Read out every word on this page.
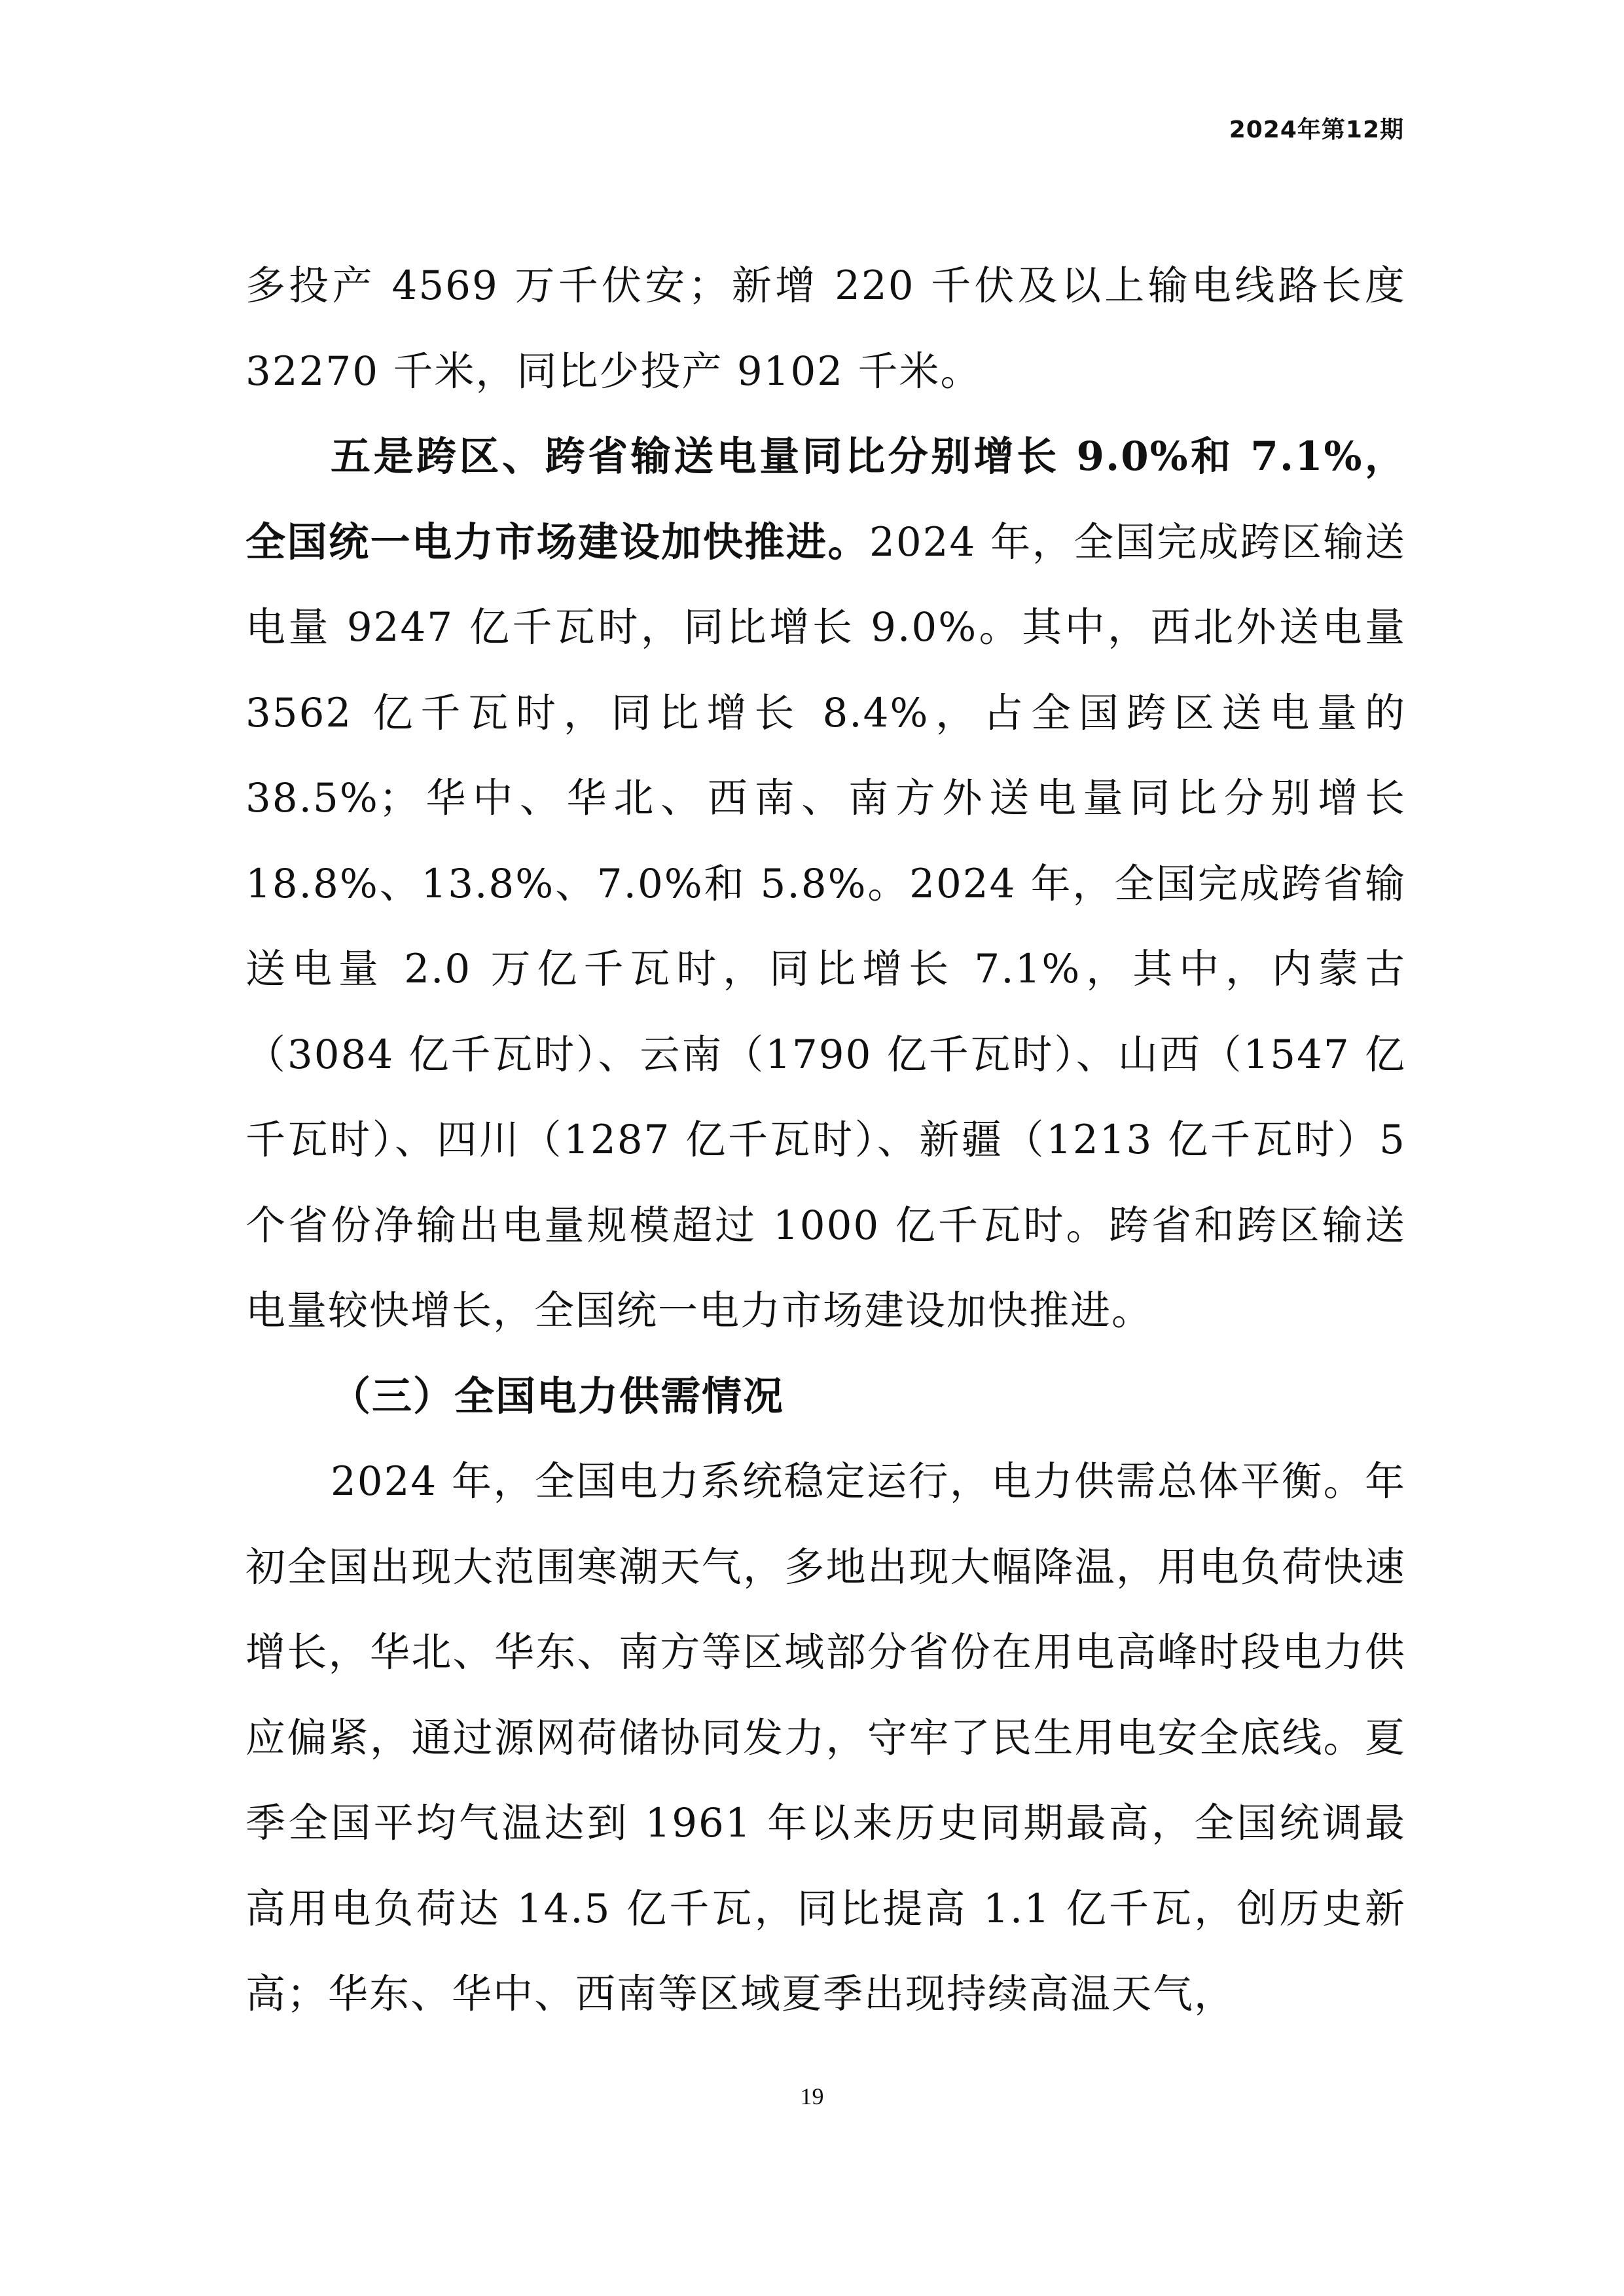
2024年第12期

多投产 4569 万千伏安；新增 220 千伏及以上输电线路长度 32270 千米，同比少投产 9102 千米。

五是跨区、跨省输送电量同比分别增长 9.0%和 7.1%，全国统一电力市场建设加快推进。2024 年，全国完成跨区输送电量 9247 亿千瓦时，同比增长 9.0%。其中，西北外送电量 3562 亿千瓦时，同比增长 8.4%，占全国跨区送电量的 38.5%；华中、华北、西南、南方外送电量同比分别增长 18.8%、13.8%、7.0%和 5.8%。2024 年，全国完成跨省输送电量 2.0 万亿千瓦时，同比增长 7.1%，其中，内蒙古（3084 亿千瓦时）、云南（1790 亿千瓦时）、山西（1547 亿千瓦时）、四川（1287 亿千瓦时）、新疆（1213 亿千瓦时）5 个省份净输出电量规模超过 1000 亿千瓦时。跨省和跨区输送电量较快增长，全国统一电力市场建设加快推进。

（三）全国电力供需情况

2024 年，全国电力系统稳定运行，电力供需总体平衡。年初全国出现大范围寒潮天气，多地出现大幅降温，用电负荷快速增长，华北、华东、南方等区域部分省份在用电高峰时段电力供应偏紧，通过源网荷储协同发力，守牢了民生用电安全底线。夏季全国平均气温达到 1961 年以来历史同期最高，全国统调最高用电负荷达 14.5 亿千瓦，同比提高 1.1 亿千瓦，创历史新高；华东、华中、西南等区域夏季出现持续高温天气，

19
